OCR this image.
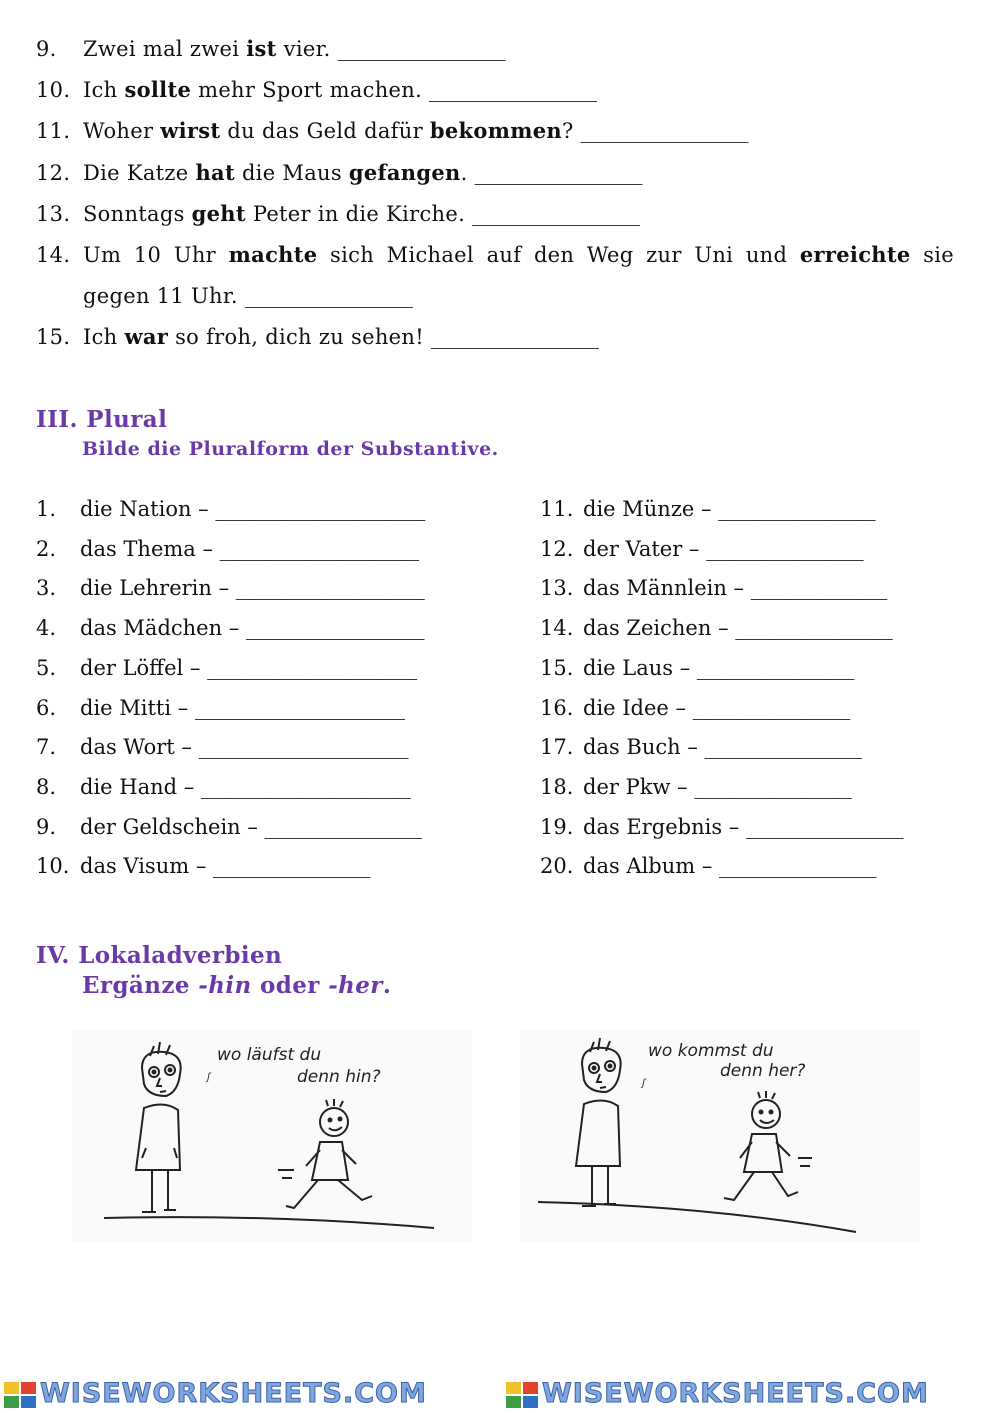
9. Zwei mal zwei ist vier. ________________
10. Ich sollte mehr Sport machen. ________________
11. Woher wirst du das Geld dafür bekommen? ________________
12. Die Katze hat die Maus gefangen. ________________
13. Sonntags geht Peter in die Kirche. ________________
14. Um 10 Uhr machte sich Michael auf den Weg zur Uni und erreichte sie
gegen 11 Uhr. ________________
15. Ich war so froh, dich zu sehen! ________________
III. Plural
Bilde die Pluralform der Substantive.
1. die Nation – ____________________
2. das Thema – ___________________
3. die Lehrerin – __________________
4. das Mädchen – _________________
5. der Löffel – ____________________
6. die Mitti – ____________________
7. das Wort – ____________________
8. die Hand – ____________________
9. der Geldschein – _______________
10. das Visum – _______________
11. die Münze – _______________
12. der Vater – _______________
13. das Männlein – _____________
14. das Zeichen – _______________
15. die Laus – _______________
16. die Idee – _______________
17. das Buch – _______________
18. der Pkw – _______________
19. das Ergebnis – _______________
20. das Album – _______________
IV. Lokaladverbien
Ergänze -hin oder -her.
ʃ
wo läufst du
denn hin?	ʃ
wo kommst du
denn her?
WISEWORKSHEETS.COM	WISEWORKSHEETS.COM
